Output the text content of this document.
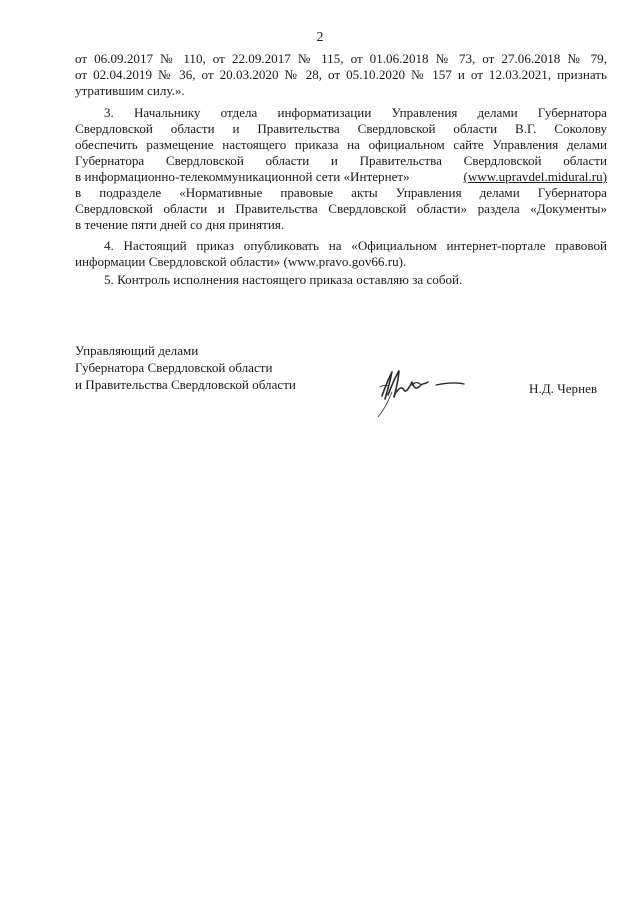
2
от 06.09.2017 № 110, от 22.09.2017 № 115, от 01.06.2018 № 73, от 27.06.2018 № 79,
от 02.04.2019 № 36, от 20.03.2020 № 28, от 05.10.2020 № 157 и от 12.03.2021, признать
утратившим силу.».
3. Начальнику отдела информатизации Управления делами Губернатора
Свердловской области и Правительства Свердловской области В.Г. Соколову
обеспечить размещение настоящего приказа на официальном сайте Управления делами
Губернатора Свердловской области и Правительства Свердловской области
в информационно-телекоммуникационной сети «Интернет»	(www.upravdel.midural.ru)
в подразделе «Нормативные правовые акты Управления делами Губернатора
Свердловской области и Правительства Свердловской области» раздела «Документы»
в течение пяти дней со дня принятия.
4. Настоящий приказ опубликовать на «Официальном интернет-портале правовой
информации Свердловской области» (www.pravo.gov66.ru).
5. Контроль исполнения настоящего приказа оставляю за собой.
Управляющий делами
Губернатора Свердловской области
и Правительства Свердловской области	Н.Д. Чернев
